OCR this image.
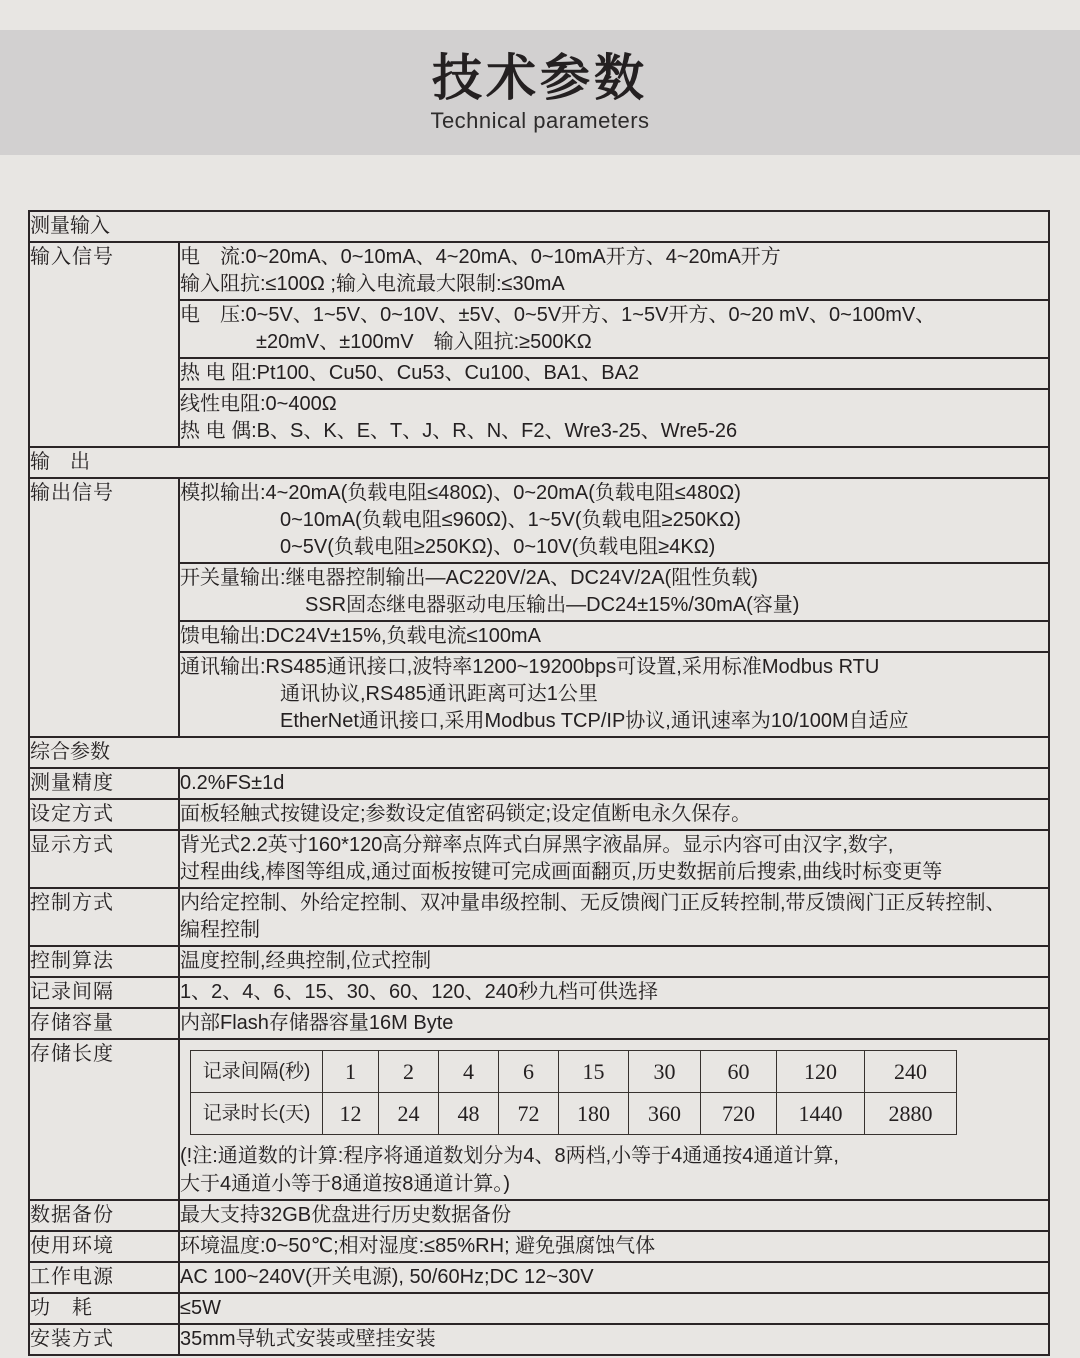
技术参数
Technical parameters
测量输入
输入信号	电　流:0~20mA、0~10mA、4~20mA、0~10mA开方、4~20mA开方
输入阻抗:≤100Ω ;输入电流最大限制:≤30mA

电　压:0~5V、1~5V、0~10V、±5V、0~5V开方、1~5V开方、0~20 mV、0~100mV、
±20mV、±100mV　输入阻抗:≥500KΩ

热 电 阻:Pt100、Cu50、Cu53、Cu100、BA1、BA2

线性电阻:0~400Ω
热 电 偶:B、S、K、E、T、J、R、N、F2、Wre3-25、Wre5-26

输　出
输出信号	模拟输出:4~20mA(负载电阻≤480Ω)、0~20mA(负载电阻≤480Ω)
0~10mA(负载电阻≤960Ω)、1~5V(负载电阻≥250KΩ)
0~5V(负载电阻≥250KΩ)、0~10V(负载电阻≥4KΩ)

开关量输出:继电器控制输出—AC220V/2A、DC24V/2A(阻性负载)
SSR固态继电器驱动电压输出—DC24±15%/30mA(容量)

馈电输出:DC24V±15%,负载电流≤100mA

通讯输出:RS485通讯接口,波特率1200~19200bps可设置,采用标准Modbus RTU
通讯协议,RS485通讯距离可达1公里
EtherNet通讯接口,采用Modbus TCP/IP协议,通讯速率为10/100M自适应

综合参数
测量精度	0.2%FS±1d

设定方式	面板轻触式按键设定;参数设定值密码锁定;设定值断电永久保存。

显示方式	背光式2.2英寸160*120高分辩率点阵式白屏黑字液晶屏。显示内容可由汉字,数字,
过程曲线,棒图等组成,通过面板按键可完成画面翻页,历史数据前后搜索,曲线时标变更等

控制方式	内给定控制、外给定控制、双冲量串级控制、无反馈阀门正反转控制,带反馈阀门正反转控制、
编程控制

控制算法	温度控制,经典控制,位式控制

记录间隔	1、2、4、6、15、30、60、120、240秒九档可供选择

存储容量	内部Flash存储器容量16M Byte

存储长度	
记录间隔(秒)	1	2	4	6	15	30	60	120	240
记录时长(天)	12	24	48	72	180	360	720	1440	2880
(!注:通道数的计算:程序将通道数划分为4、8两档,小等于4通通按4通道计算,
大于4通道小等于8通道按8通道计算。)

数据备份	最大支持32GB优盘进行历史数据备份

使用环境	环境温度:0~50℃;相对湿度:≤85%RH; 避免强腐蚀气体

工作电源	AC 100~240V(开关电源), 50/60Hz;DC 12~30V

功　耗	≤5W

安装方式	35mm导轨式安装或壁挂安装
